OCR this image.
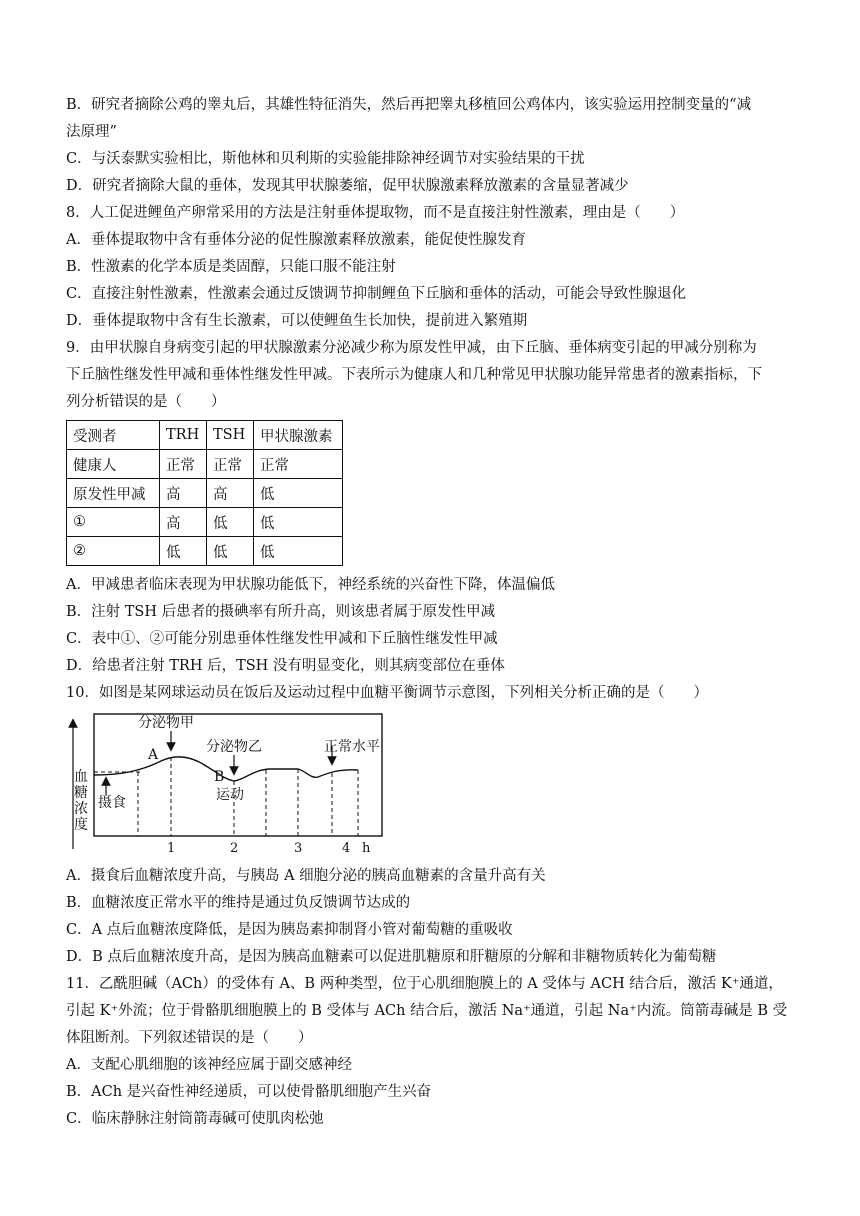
B．研究者摘除公鸡的睾丸后，其雄性特征消失，然后再把睾丸移植回公鸡体内，该实验运用控制变量的“减
法原理”
C．与沃泰默实验相比，斯他林和贝利斯的实验能排除神经调节对实验结果的干扰
D．研究者摘除大鼠的垂体，发现其甲状腺萎缩，促甲状腺激素释放激素的含量显著减少
8．人工促进鲤鱼产卵常采用的方法是注射垂体提取物，而不是直接注射性激素，理由是（　　）
A．垂体提取物中含有垂体分泌的促性腺激素释放激素，能促使性腺发育
B．性激素的化学本质是类固醇，只能口服不能注射
C．直接注射性激素，性激素会通过反馈调节抑制鲤鱼下丘脑和垂体的活动，可能会导致性腺退化
D．垂体提取物中含有生长激素，可以使鲤鱼生长加快，提前进入繁殖期
9．由甲状腺自身病变引起的甲状腺激素分泌减少称为原发性甲减，由下丘脑、垂体病变引起的甲减分别称为
下丘脑性继发性甲减和垂体性继发性甲减。下表所示为健康人和几种常见甲状腺功能异常患者的激素指标，下
列分析错误的是（　　）
受测者	TRH	TSH	甲状腺激素
健康人	正常	正常	正常
原发性甲减	高	高	低
①	高	低	低
②	低	低	低
A．甲减患者临床表现为甲状腺功能低下，神经系统的兴奋性下降，体温偏低
B．注射 TSH 后患者的摄碘率有所升高，则该患者属于原发性甲减
C．表中①、②可能分别患垂体性继发性甲减和下丘脑性继发性甲减
D．给患者注射 TRH 后，TSH 没有明显变化，则其病变部位在垂体
10．如图是某网球运动员在饭后及运动过程中血糖平衡调节示意图，下列相关分析正确的是（　　）
血
糖
浓
度
分泌物甲
分泌物乙	正常水平
摄食	运动
A
B
1	2	3	4 h
A．摄食后血糖浓度升高，与胰岛 A 细胞分泌的胰高血糖素的含量升高有关
B．血糖浓度正常水平的维持是通过负反馈调节达成的
C．A 点后血糖浓度降低，是因为胰岛素抑制肾小管对葡萄糖的重吸收
D．B 点后血糖浓度升高，是因为胰高血糖素可以促进肌糖原和肝糖原的分解和非糖物质转化为葡萄糖
11．乙酰胆碱（ACh）的受体有 A、B 两种类型，位于心肌细胞膜上的 A 受体与 ACH 结合后，激活 K⁺通道，
引起 K⁺外流；位于骨骼肌细胞膜上的 B 受体与 ACh 结合后，激活 Na⁺通道，引起 Na⁺内流。筒箭毒碱是 B 受
体阻断剂。下列叙述错误的是（　　）
A．支配心肌细胞的该神经应属于副交感神经
B．ACh 是兴奋性神经递质，可以使骨骼肌细胞产生兴奋
C．临床静脉注射筒箭毒碱可使肌肉松弛
